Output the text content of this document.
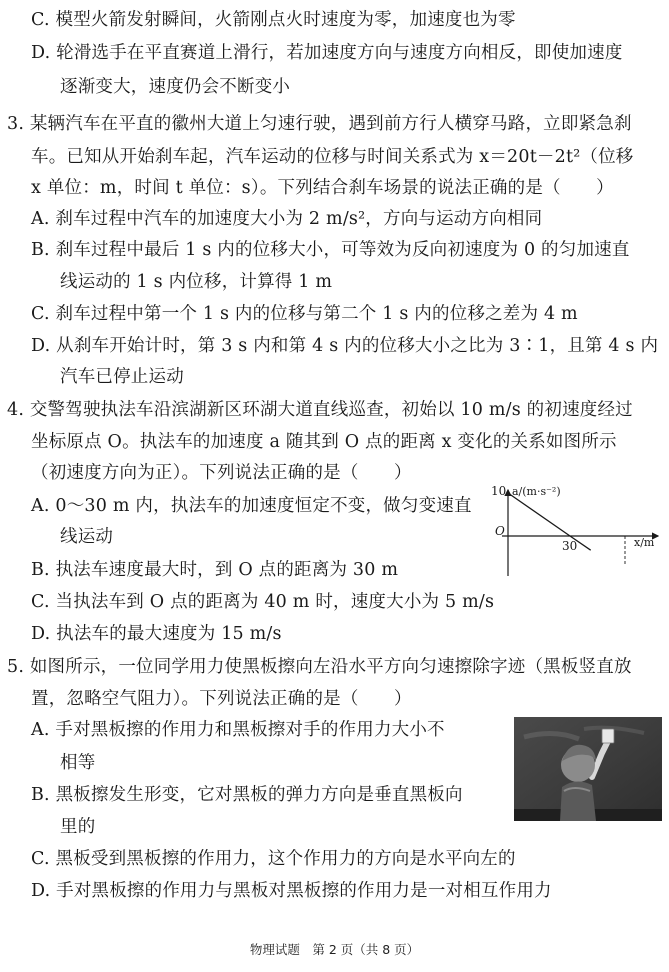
C. 模型火箭发射瞬间，火箭刚点火时速度为零，加速度也为零
D. 轮滑选手在平直赛道上滑行，若加速度方向与速度方向相反，即使加速度
逐渐变大，速度仍会不断变小
3. 某辆汽车在平直的徽州大道上匀速行驶，遇到前方行人横穿马路，立即紧急刹
车。已知从开始刹车起，汽车运动的位移与时间关系式为 x＝20t－2t²（位移
x 单位：m，时间 t 单位：s）。下列结合刹车场景的说法正确的是（　　）
A. 刹车过程中汽车的加速度大小为 2 m/s²，方向与运动方向相同
B. 刹车过程中最后 1 s 内的位移大小，可等效为反向初速度为 0 的匀加速直
线运动的 1 s 内位移，计算得 1 m
C. 刹车过程中第一个 1 s 内的位移与第二个 1 s 内的位移之差为 4 m
D. 从刹车开始计时，第 3 s 内和第 4 s 内的位移大小之比为 3∶1，且第 4 s 内
汽车已停止运动
4. 交警驾驶执法车沿滨湖新区环湖大道直线巡查，初始以 10 m/s 的初速度经过
坐标原点 O。执法车的加速度 a 随其到 O 点的距离 x 变化的关系如图所示
（初速度方向为正）。下列说法正确的是（　　）
A. 0～30 m 内，执法车的加速度恒定不变，做匀变速直
线运动
B. 执法车速度最大时，到 O 点的距离为 30 m
C. 当执法车到 O 点的距离为 40 m 时，速度大小为 5 m/s
D. 执法车的最大速度为 15 m/s
5. 如图所示，一位同学用力使黑板擦向左沿水平方向匀速擦除字迹（黑板竖直放
置，忽略空气阻力）。下列说法正确的是（　　）
A. 手对黑板擦的作用力和黑板擦对手的作用力大小不
相等
B. 黑板擦发生形变，它对黑板的弹力方向是垂直黑板向
里的
C. 黑板受到黑板擦的作用力，这个作用力的方向是水平向左的
D. 手对黑板擦的作用力与黑板对黑板擦的作用力是一对相互作用力
a/(m·s⁻²)
10
O
30	x/m
物理试题　第 2 页（共 8 页）
